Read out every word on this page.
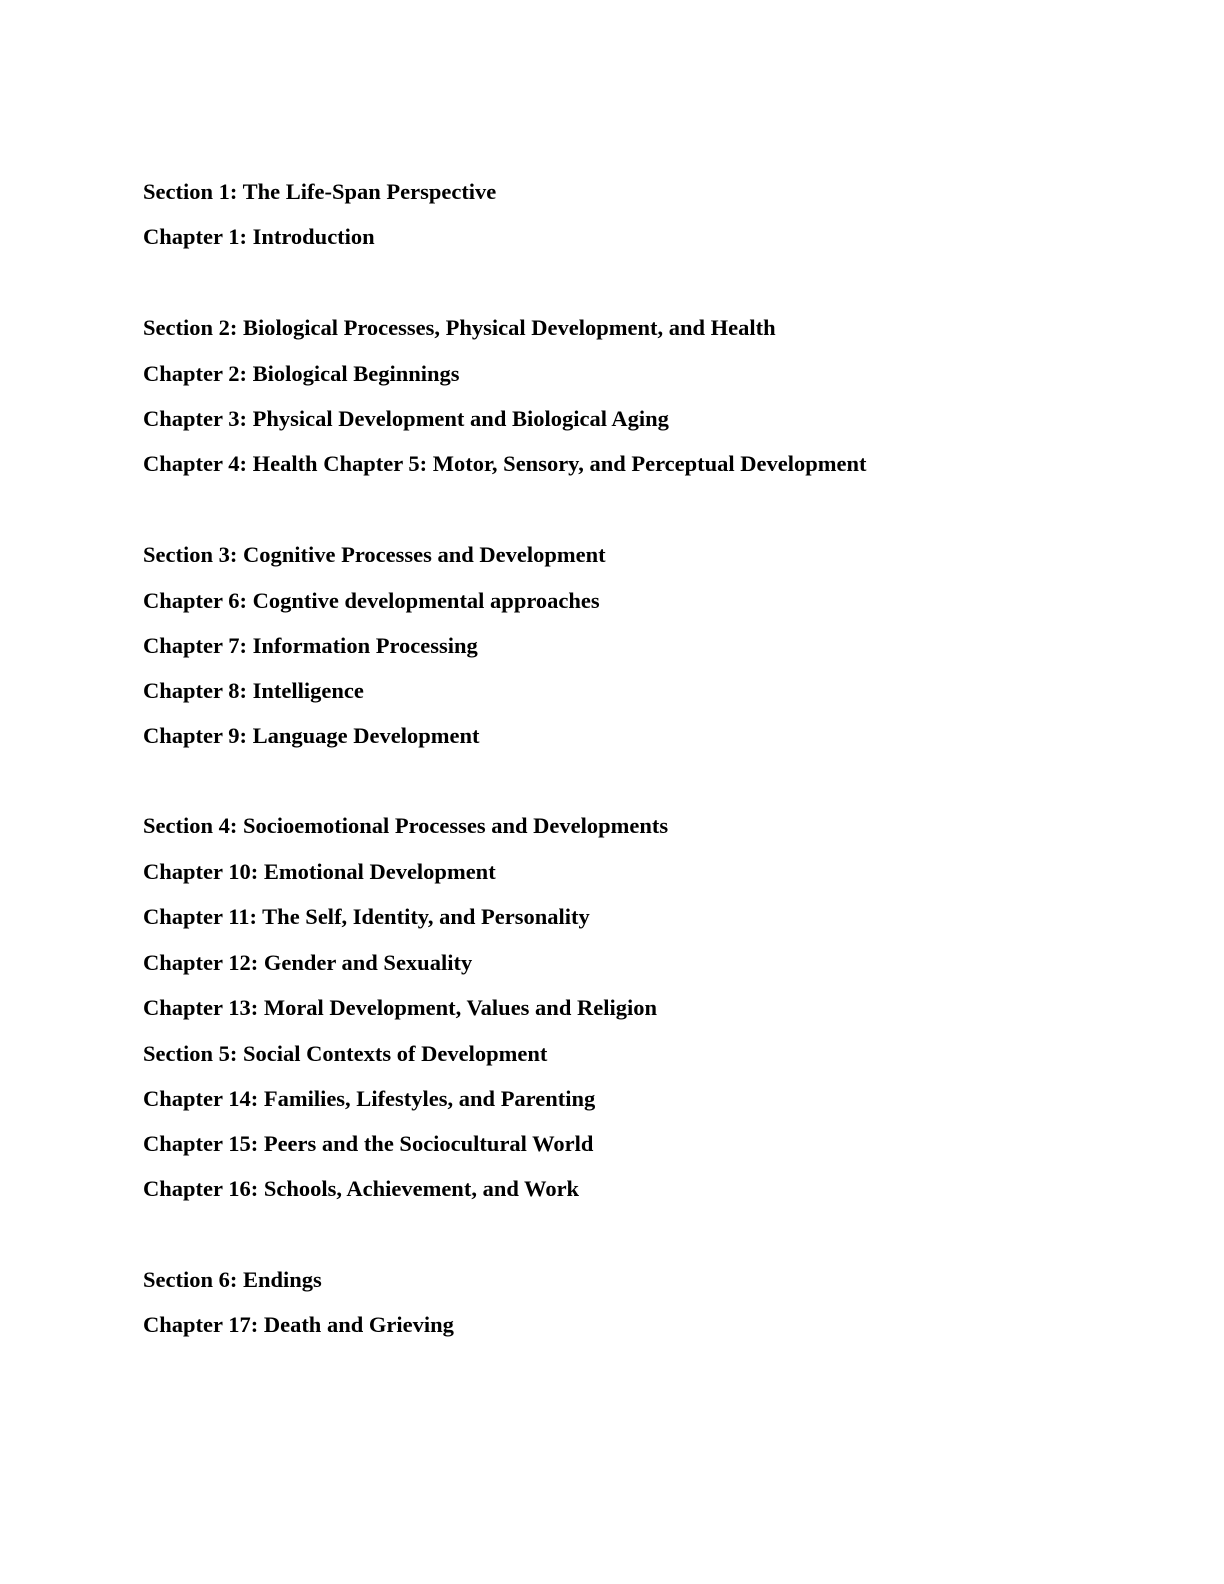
Section 1: The Life-Span Perspective

Chapter 1: Introduction

Section 2: Biological Processes, Physical Development, and Health

Chapter 2: Biological Beginnings

Chapter 3: Physical Development and Biological Aging

Chapter 4: Health Chapter 5: Motor, Sensory, and Perceptual Development

Section 3: Cognitive Processes and Development

Chapter 6: Cogntive developmental approaches

Chapter 7: Information Processing

Chapter 8: Intelligence

Chapter 9: Language Development

Section 4: Socioemotional Processes and Developments

Chapter 10: Emotional Development

Chapter 11: The Self, Identity, and Personality

Chapter 12: Gender and Sexuality

Chapter 13: Moral Development, Values and Religion

Section 5: Social Contexts of Development

Chapter 14: Families, Lifestyles, and Parenting

Chapter 15: Peers and the Sociocultural World

Chapter 16: Schools, Achievement, and Work

Section 6: Endings

Chapter 17: Death and Grieving
